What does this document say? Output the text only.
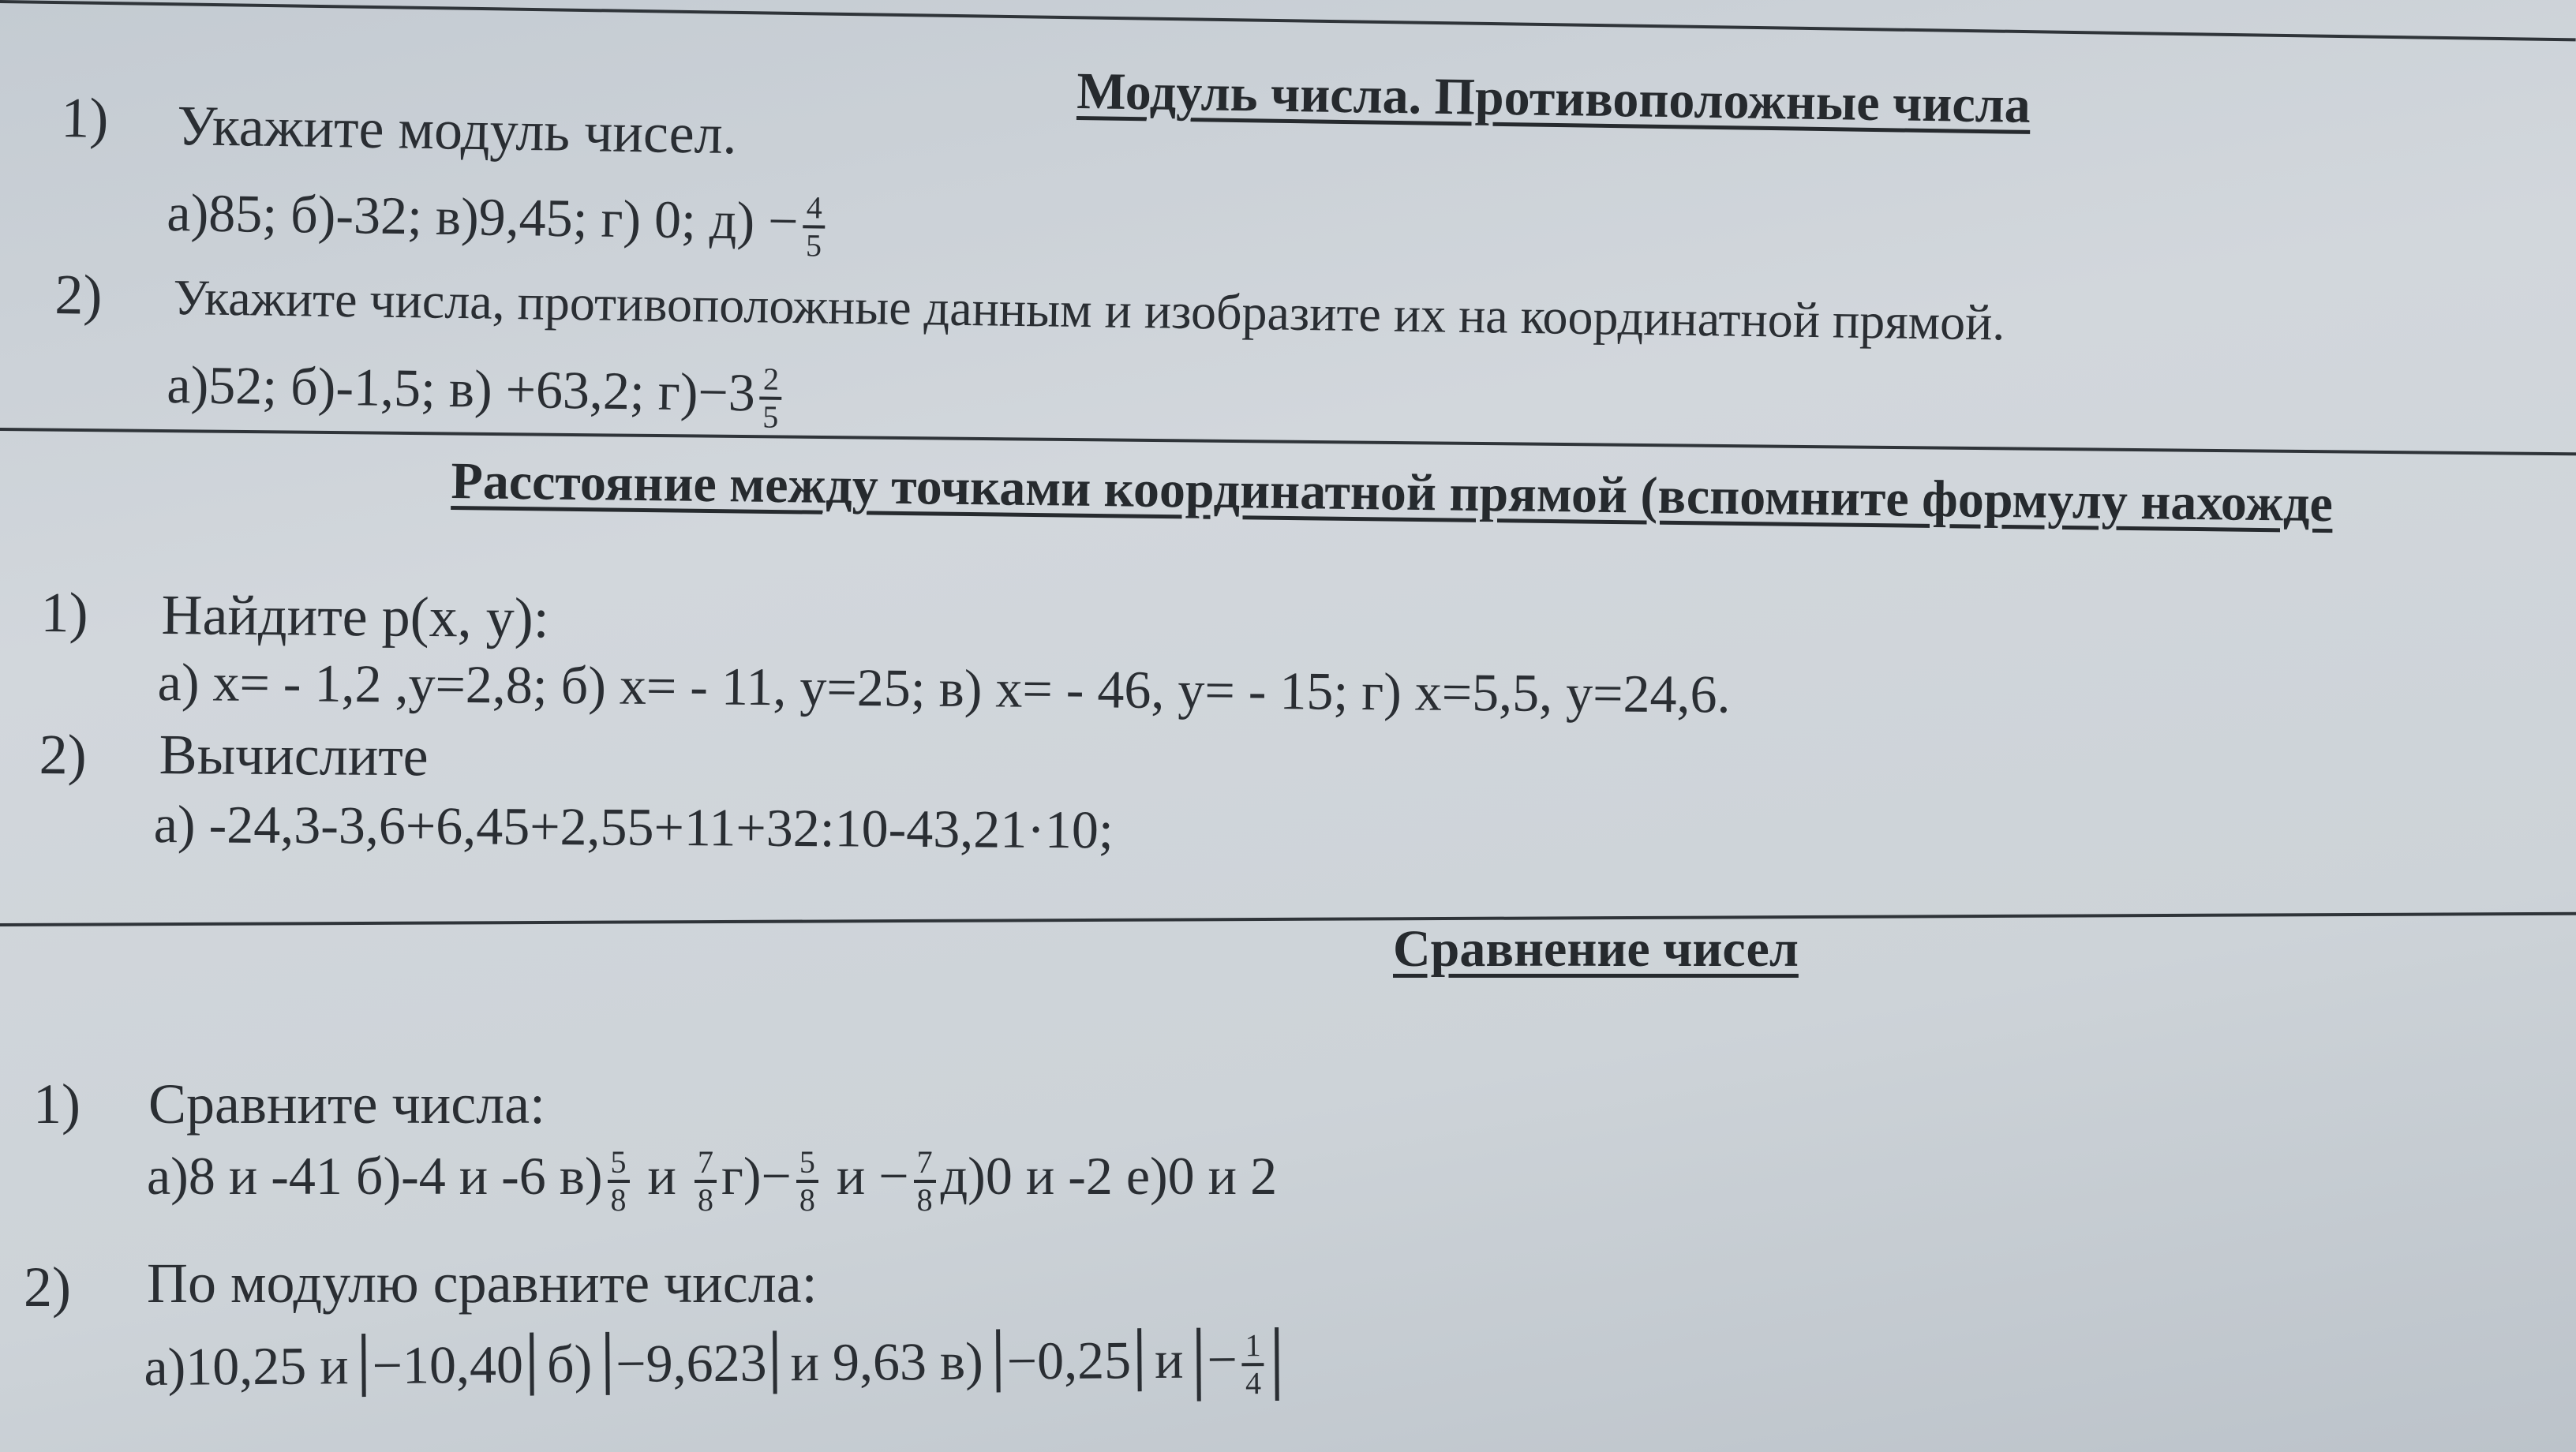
Модуль числа. Противоположные числа
1) Укажите модуль чисел.
а)85; б)-32; в)9,45; г) 0; $д) - \frac{4}{5}$
2) Укажите числа, противоположные данным и изобразите их на координатной прямой.
а)52; б)-1,5; в) +63,2; $г)-3 \frac{2}{5}$
Расстояние между точками координатной прямой (вспомните формулу нахожде
1) Найдите р(х, у):
а) х= - 1,2 ,у=2,8; б) х= - 11, у=25; в) х= - 46, у= - 15; г) х=5,5, у=24,6.
2) Вычислите
а) -24,3-3,6+6,45+2,55+11+32:10-43,21·10;
Сравнение чисел
1) Сравните числа:
а)8 и -41 б)-4 и -6 $в) \frac{5}{8}$ и $\frac{7}{8} г)- \frac{5}{8}$ $и - \frac{7}{8} д)0$ и -2 е)0 и 2
2) По модулю сравните числа:
а)10,25 и −10,40 б) −9,623 и 9,63 в) −0,25 $и - \frac{1}{4}$
